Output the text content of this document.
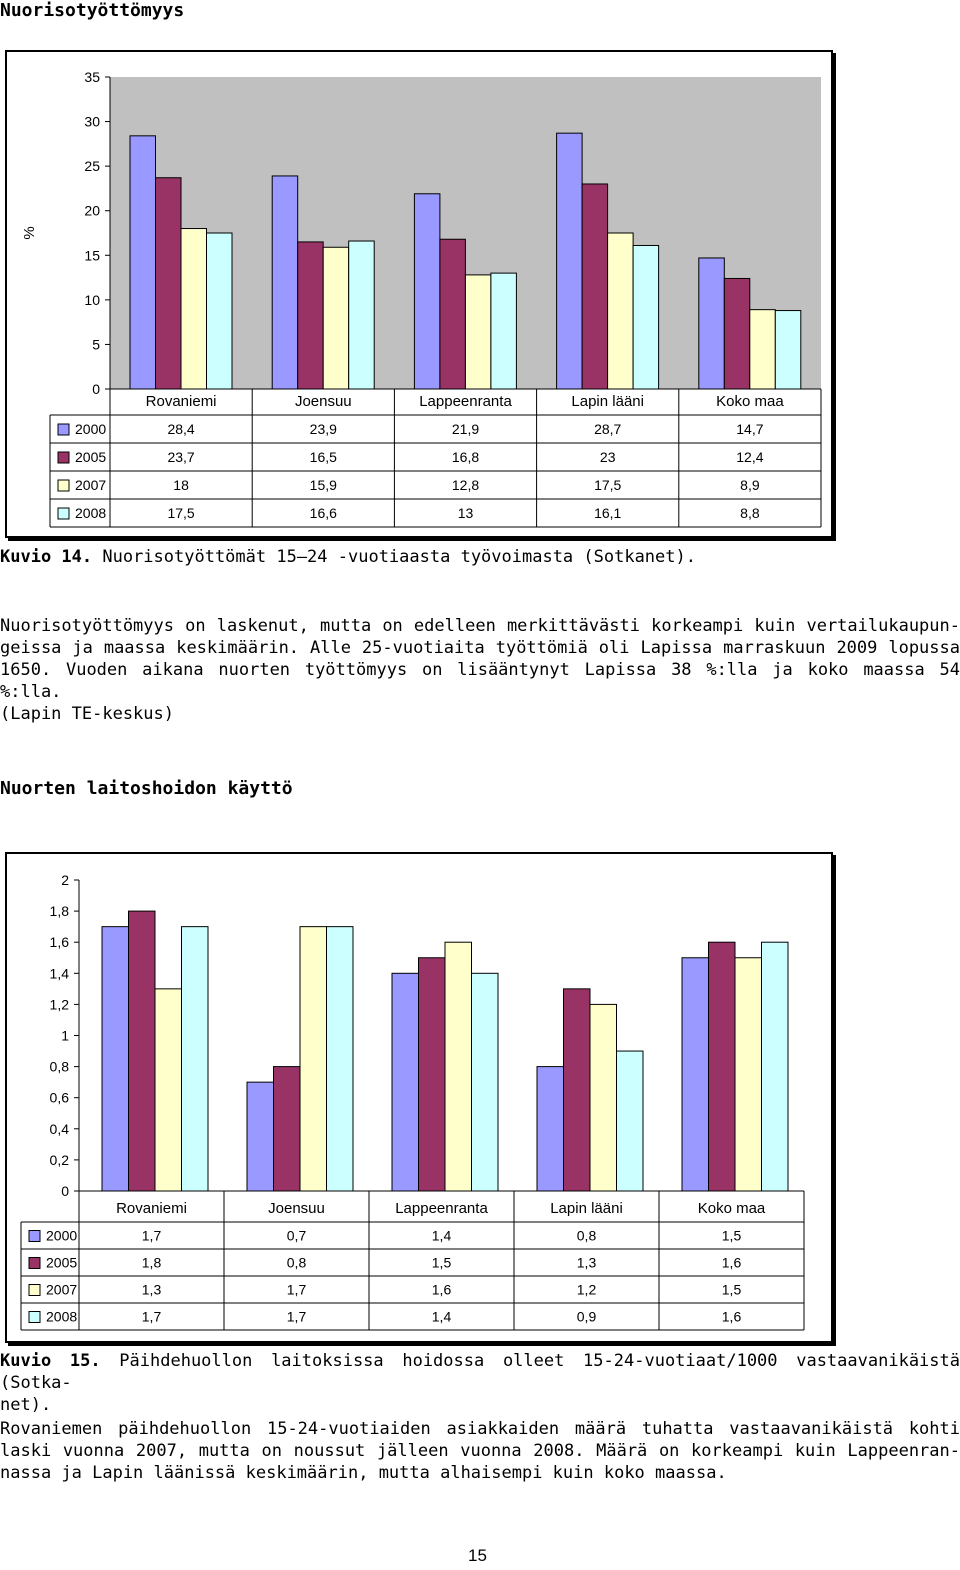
Nuorisotyöttömyys
0
5
10
15
20
25
30
35
%
Rovaniemi	Joensuu	Lappeenranta	Lapin lääni	Koko maa
2000	28,4	23,9	21,9	28,7	14,7
2005	23,7	16,5	16,8	23	12,4
2007	18	15,9	12,8	17,5	8,9
2008	17,5	16,6	13	16,1	8,8
Kuvio 14. Nuorisotyöttömät 15–24 -vuotiaasta työvoimasta (Sotkanet).
Nuorisotyöttömyys on laskenut, mutta on edelleen merkittävästi korkeampi kuin vertailukaupun-
geissa ja maassa keskimäärin. Alle 25-vuotiaita työttömiä oli Lapissa marraskuun 2009 lopussa
1650. Vuoden aikana nuorten työttömyys on lisääntynyt Lapissa 38 %:lla ja koko maassa 54 %:lla.
(Lapin TE-keskus)
Nuorten laitoshoidon käyttö
0
0,2
0,4
0,6
0,8
1
1,2
1,4
1,6
1,8
2
Rovaniemi	Joensuu	Lappeenranta	Lapin lääni	Koko maa
2000	1,7	0,7	1,4	0,8	1,5
2005	1,8	0,8	1,5	1,3	1,6
2007	1,3	1,7	1,6	1,2	1,5
2008	1,7	1,7	1,4	0,9	1,6
Kuvio 15. Päihdehuollon laitoksissa hoidossa olleet 15-24-vuotiaat/1000 vastaavanikäistä (Sotka-
net).
Rovaniemen päihdehuollon 15-24-vuotiaiden asiakkaiden määrä tuhatta vastaavanikäistä kohti
laski vuonna 2007, mutta on noussut jälleen vuonna 2008. Määrä on korkeampi kuin Lappeenran-
nassa ja Lapin läänissä keskimäärin, mutta alhaisempi kuin koko maassa.
15
